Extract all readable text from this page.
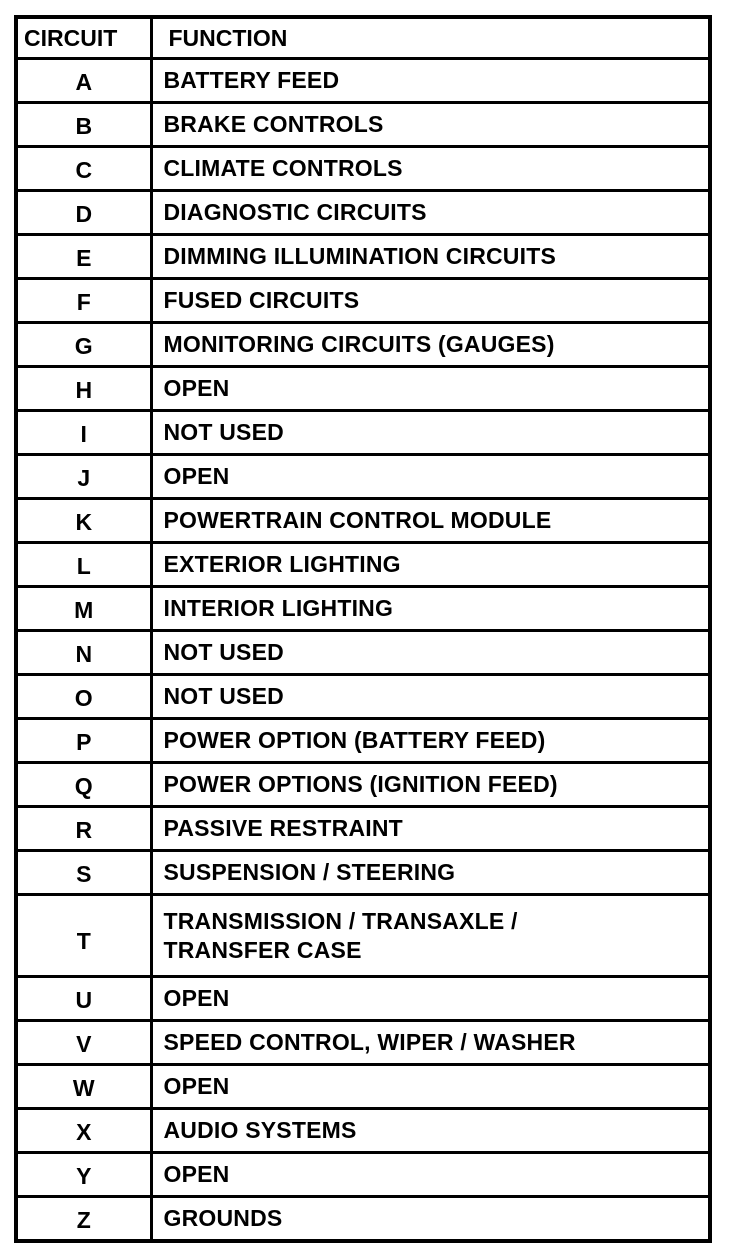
CIRCUIT	FUNCTION
A	BATTERY FEED

B	BRAKE CONTROLS

C	CLIMATE CONTROLS

D	DIAGNOSTIC CIRCUITS

E	DIMMING ILLUMINATION CIRCUITS

F	FUSED CIRCUITS

G	MONITORING CIRCUITS (GAUGES)

H	OPEN

I	NOT USED

J	OPEN

K	POWERTRAIN CONTROL MODULE

L	EXTERIOR LIGHTING

M	INTERIOR LIGHTING

N	NOT USED

O	NOT USED

P	POWER OPTION (BATTERY FEED)

Q	POWER OPTIONS (IGNITION FEED)

R	PASSIVE RESTRAINT

S	SUSPENSION / STEERING

T	TRANSMISSION / TRANSAXLE /
TRANSFER CASE

U	OPEN

V	SPEED CONTROL, WIPER / WASHER

W	OPEN

X	AUDIO SYSTEMS

Y	OPEN

Z	GROUNDS
